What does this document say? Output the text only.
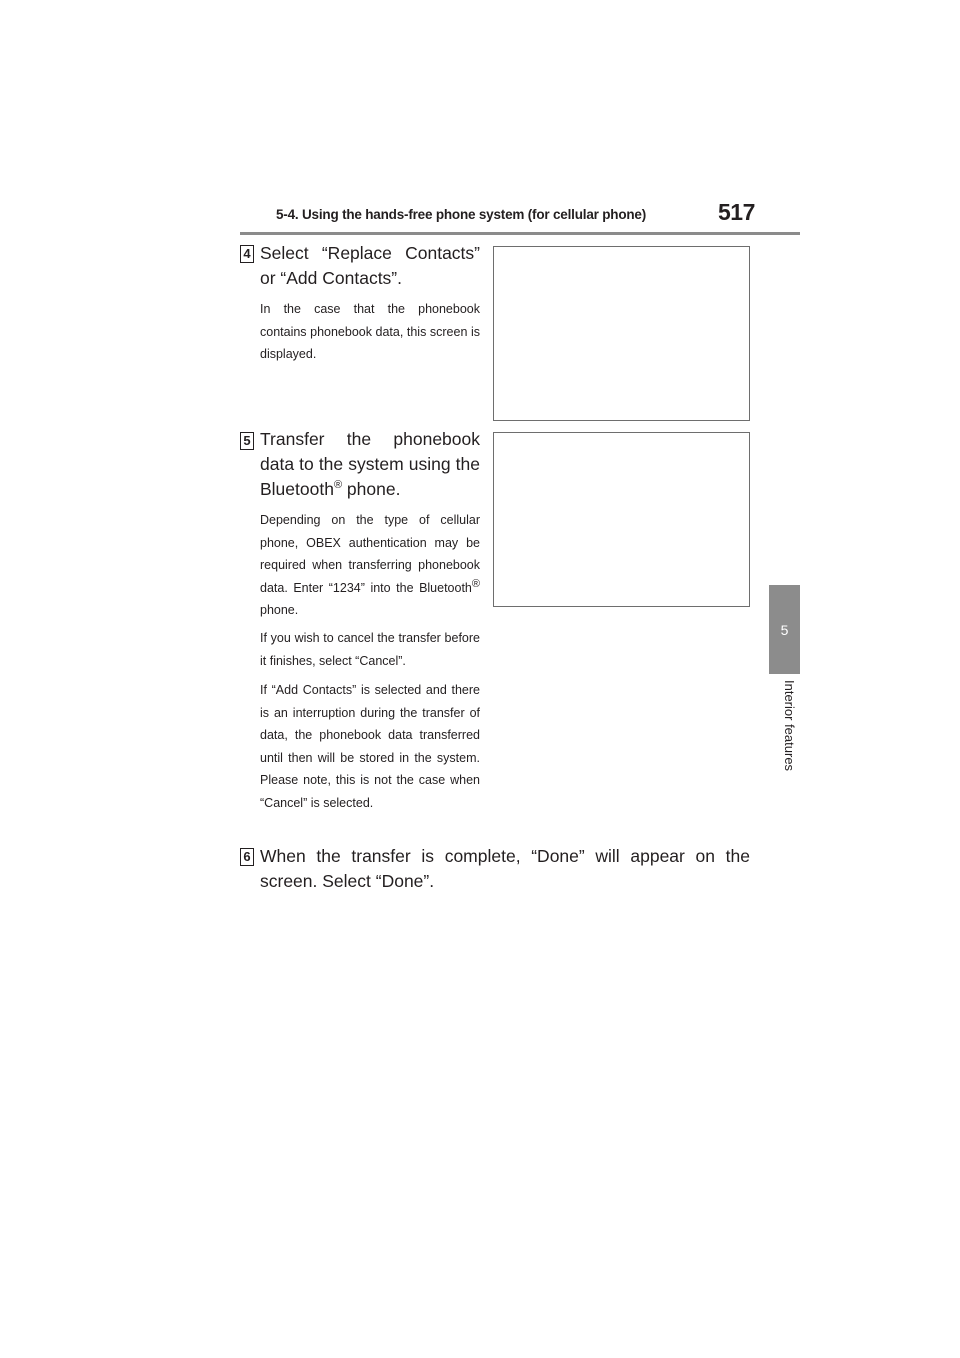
5-4. Using the hands-free phone system (for cellular phone)	517
5
Interior features
4 Select “Replace Contacts” or “Add Contacts”.

In the case that the phonebook contains phonebook data, this screen is displayed.

5 Transfer the phonebook data to the system using the Bluetooth® phone.

Depending on the type of cellular phone, OBEX authentication may be required when transferring phonebook data. Enter “1234” into the Bluetooth® phone.

If you wish to cancel the transfer before it finishes, select “Cancel”.

If “Add Contacts” is selected and there is an interruption during the transfer of data, the phonebook data transferred until then will be stored in the system. Please note, this is not the case when “Cancel” is selected.

6 When the transfer is complete, “Done” will appear on the screen. Select “Done”.
